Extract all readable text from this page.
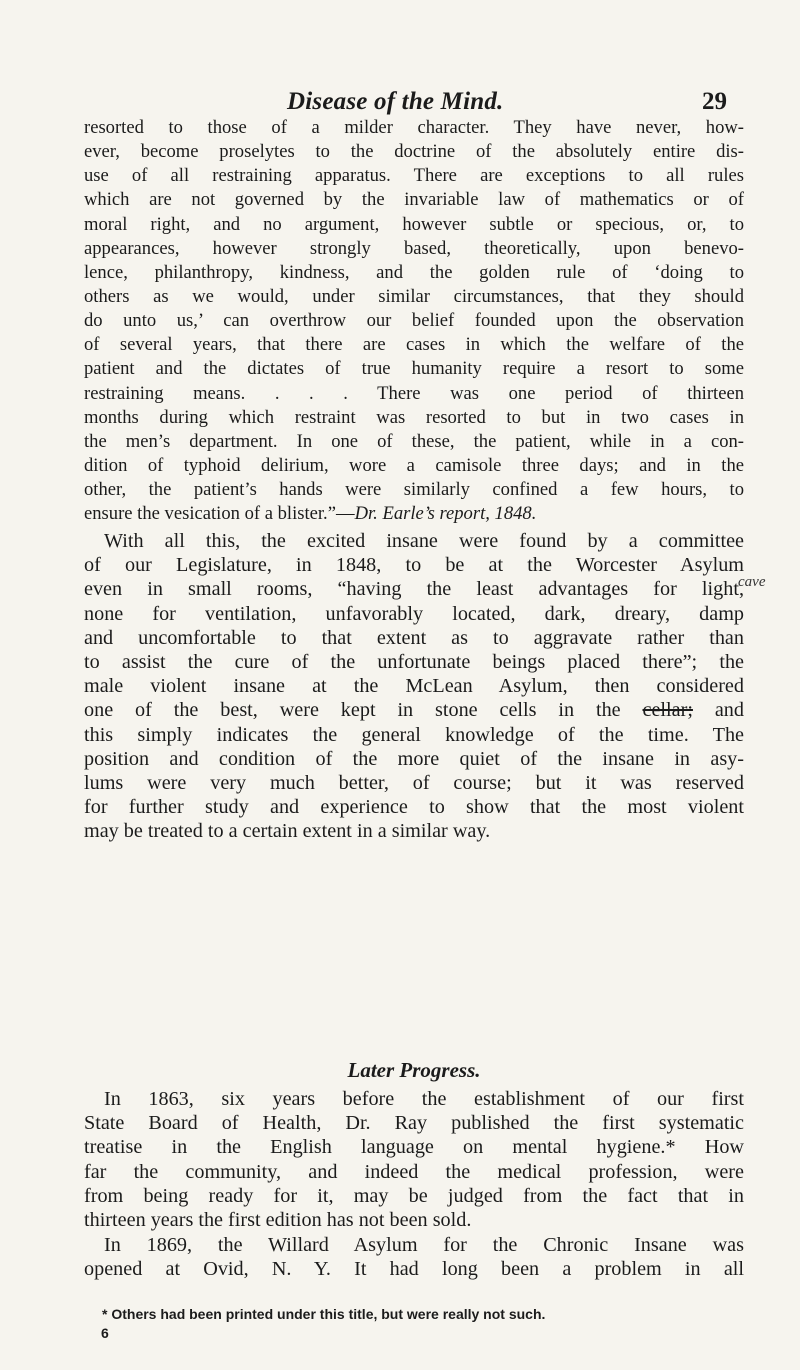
Disease of the Mind.	29
resorted to those of a milder character. They have never, how-
ever, become proselytes to the doctrine of the absolutely entire dis-
use of all restraining apparatus. There are exceptions to all rules
which are not governed by the invariable law of mathematics or of
moral right, and no argument, however subtle or specious, or, to
appearances, however strongly based, theoretically, upon benevo-
lence, philanthropy, kindness, and the golden rule of ‘doing to
others as we would, under similar circumstances, that they should
do unto us,’ can overthrow our belief founded upon the observation
of several years, that there are cases in which the welfare of the
patient and the dictates of true humanity require a resort to some
restraining means. . . . There was one period of thirteen
months during which restraint was resorted to but in two cases in
the men’s department. In one of these, the patient, while in a con-
dition of typhoid delirium, wore a camisole three days; and in the
other, the patient’s hands were similarly confined a few hours, to
ensure the vesication of a blister.”—Dr. Earle’s report, 1848.
With all this, the excited insane were found by a committee
of our Legislature, in 1848, to be at the Worcester Asylum
even in small rooms, “having the least advantages for light,
none for ventilation, unfavorably located, dark, dreary, damp
and uncomfortable to that extent as to aggravate rather than
to assist the cure of the unfortunate beings placed there”; the
male violent insane at the McLean Asylum, then considered
one of the best, were kept in stone cells in the cellar; and
this simply indicates the general knowledge of the time. The
position and condition of the more quiet of the insane in asy-
lums were very much better, of course; but it was reserved
for further study and experience to show that the most violent
may be treated to a certain extent in a similar way.
cave
Later Progress.
In 1863, six years before the establishment of our first
State Board of Health, Dr. Ray published the first systematic
treatise in the English language on mental hygiene.* How
far the community, and indeed the medical profession, were
from being ready for it, may be judged from the fact that in
thirteen years the first edition has not been sold.
In 1869, the Willard Asylum for the Chronic Insane was
opened at Ovid, N. Y. It had long been a problem in all
* Others had been printed under this title, but were really not such.
6
